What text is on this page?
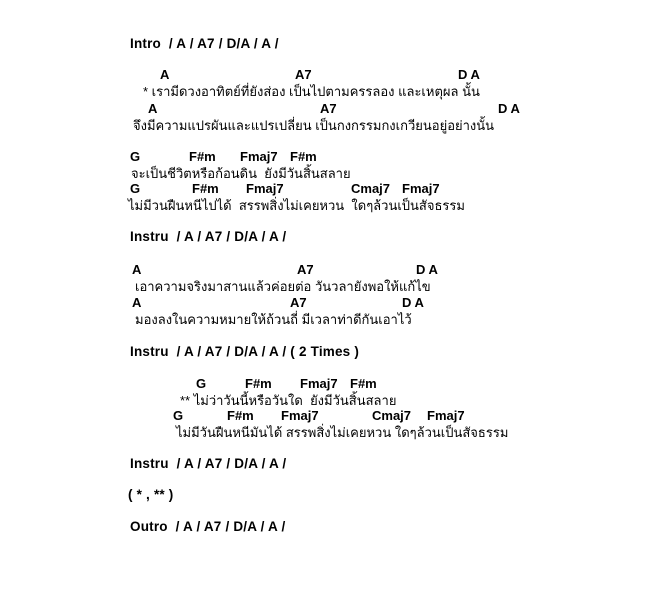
Intro  / A / A7 / D/A / A /
A	A7	D A
* เรามีดวงอาทิตย์ที่ยังส่อง เป็นไปตามครรลอง และเหตุผล นั้น
A	A7	D A
จึงมีความแปรผันและแปรเปลี่ยน เป็นกงกรรมกงเกวียนอยู่อย่างนั้น
G	F#m Fmaj7 F#m
จะเป็นชีวิตหรือก้อนดิน  ยังมีวันสิ้นสลาย
G	F#m Fmaj7	Cmaj7 Fmaj7
ไม่มีวนฝืนหนีไปได้  สรรพสิ่งไม่เคยหวน  ใดๆล้วนเป็นสัจธรรม
Instru  / A / A7 / D/A / A /
A	A7	D A
เอาความจริงมาสานแล้วค่อยต่อ วันวลายังพอให้แก้ไข
A	A7	D A
มองลงในความหมายให้ถ้วนถี่ มีเวลาท่าดีกันเอาไว้
Instru  / A / A7 / D/A / A / ( 2 Times )
G	F#m Fmaj7 F#m
** ไม่ว่าวันนี้หรือวันใด  ยังมีวันสิ้นสลาย
G	F#m Fmaj7	Cmaj7 Fmaj7
ไม่มีวันฝืนหนีมันได้ สรรพสิ่งไม่เคยหวน ใดๆล้วนเป็นสัจธรรม
Instru  / A / A7 / D/A / A /
( * , ** )
Outro  / A / A7 / D/A / A /
